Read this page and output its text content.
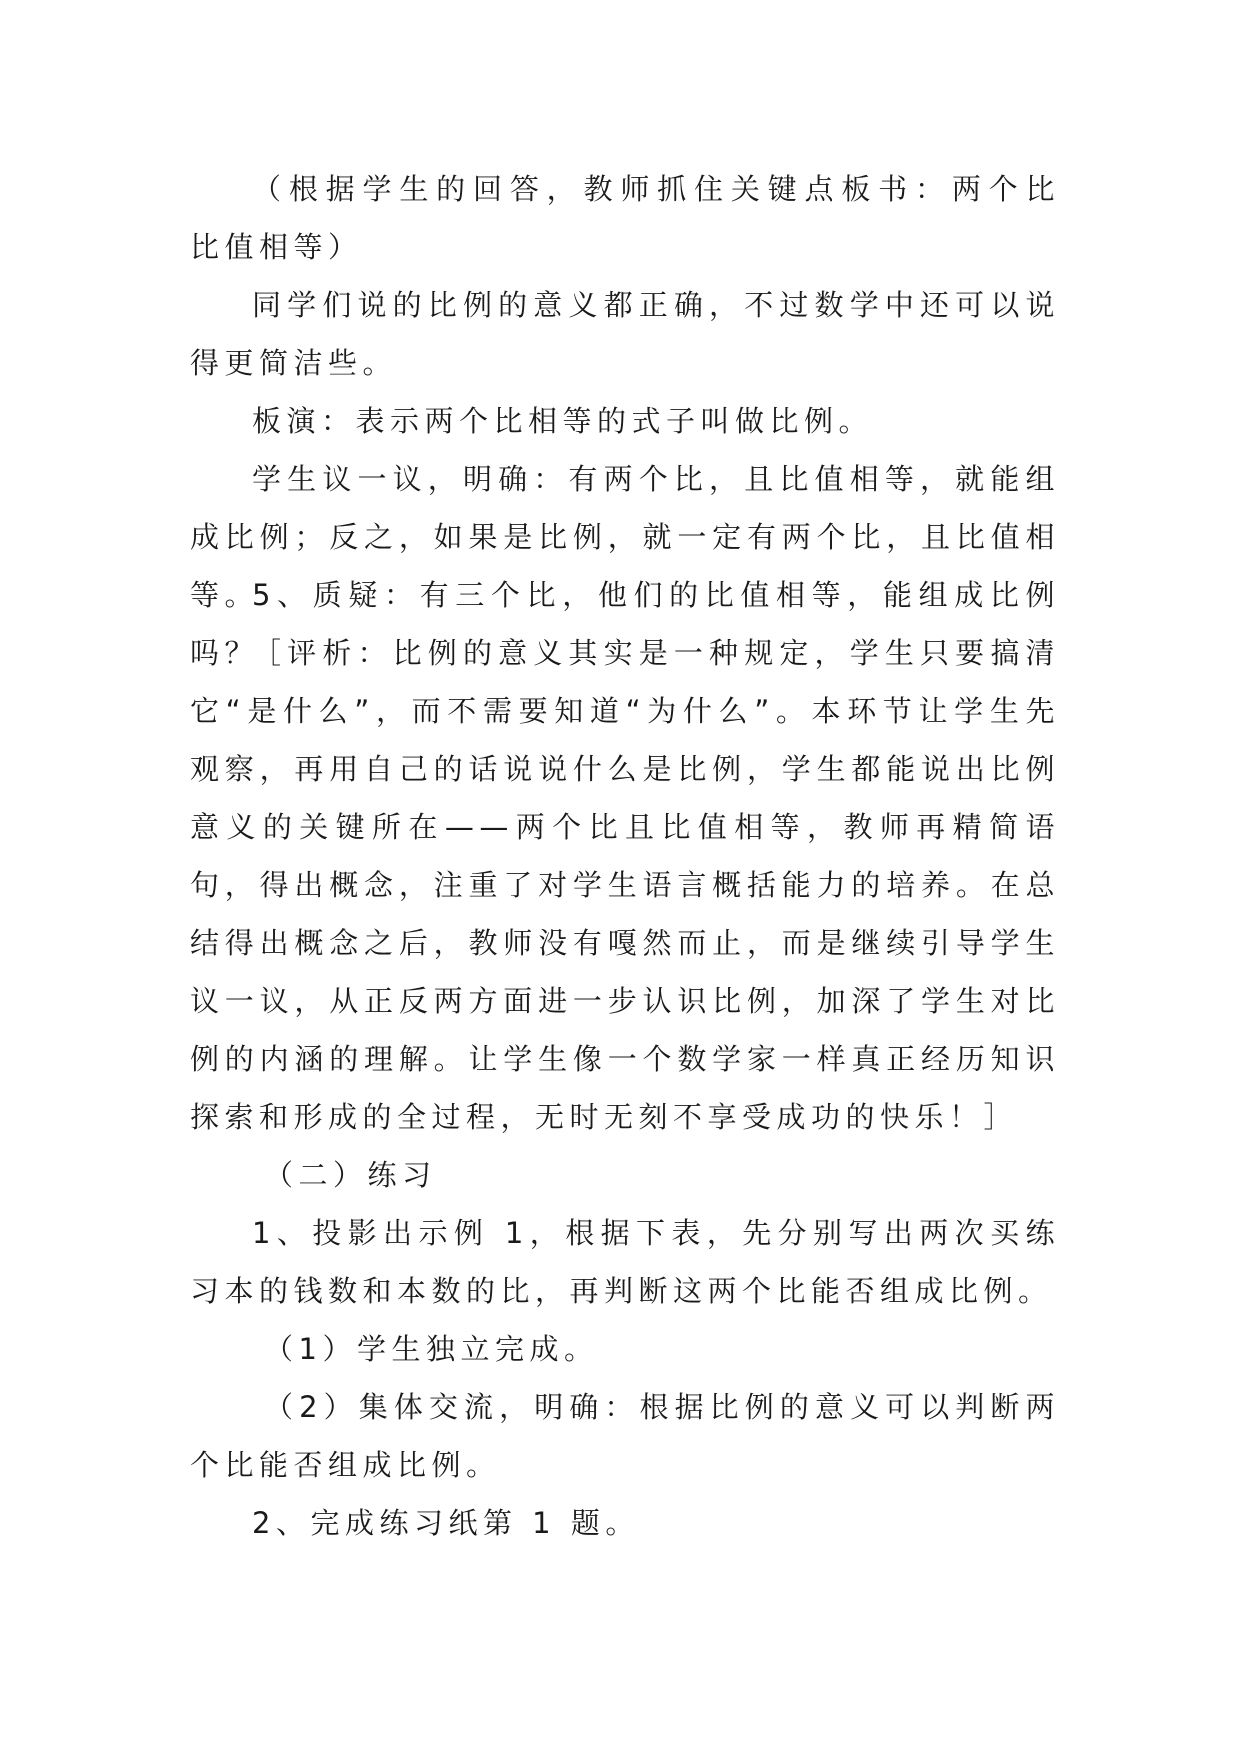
（根据学生的回答，教师抓住关键点板书：两个比 比值相等）
同学们说的比例的意义都正确，不过数学中还可以说得更简洁些。
板演：表示两个比相等的式子叫做比例。
学生议一议，明确：有两个比，且比值相等，就能组成比例；反之，如果是比例，就一定有两个比，且比值相等。
5、质疑：有三个比，他们的比值相等，能组成比例吗？
［评析：比例的意义其实是一种规定，学生只要搞清它“是什么”，而不需要知道“为什么”。本环节让学生先观察，再用自己的话说说什么是比例，学生都能说出比例意义的关键所在——两个比且比值相等，教师再精简语句，得出概念，注重了对学生语言概括能力的培养。在总结得出概念之后，教师没有嘎然而止，而是继续引导学生议一议，从正反两方面进一步认识比例，加深了学生对比例的内涵的理解。让学生像一个数学家一样真正经历知识探索和形成的全过程，无时无刻不享受成功的快乐！］
（二）练习
1、投影出示例 1，根据下表，先分别写出两次买练习本的钱数和本数的比，再判断这两个比能否组成比例。
（1）学生独立完成。
（2）集体交流，明确：根据比例的意义可以判断两个比能否组成比例。
2、完成练习纸第 1 题。
